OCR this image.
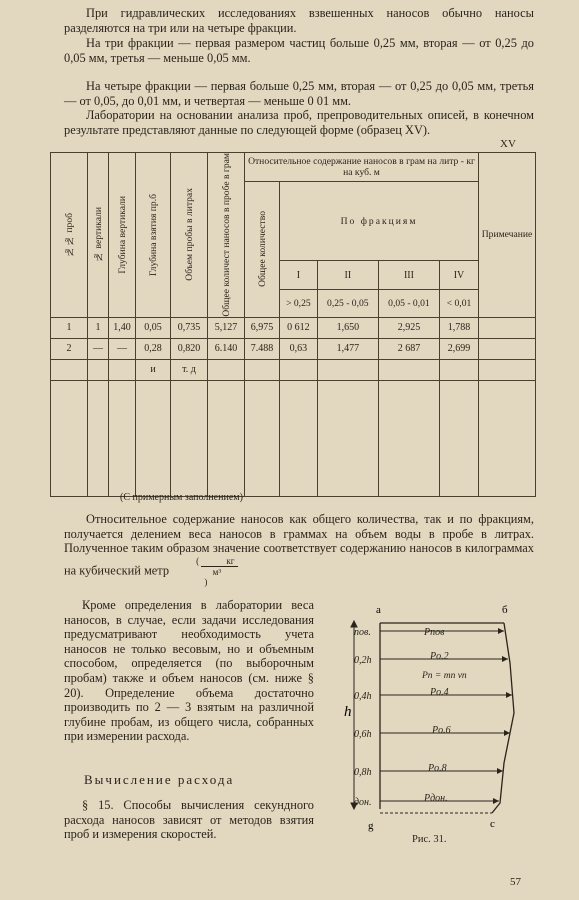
При гидравлических исследованиях взвешенных наносов обычно наносы разделяются на три или на четыре фракции.

На три фракции — первая размером частиц больше 0,25 мм, вторая — от 0,25 до 0,05 мм, третья — меньше 0,05 мм.

На четыре фракции — первая больше 0,25 мм, вторая — от 0,25 до 0,05 мм, третья — от 0,05, до 0,01 мм, и четвертая — меньше 0 01 мм.

Лаборатории на основании анализа проб, препроводительных описей, в конечном результате представляют данные по следующей форме (образец XV).

XV
№№ проб	№ вертикали	Глубина вертикали	Глубина взятия пр.б	Объем пробы в литрах	Общее количест наносов в пробе в грам	Относительное содержание наносов в грам на литр - кг на куб. м					Примечание

						Общее количество	По фракциям				
							I	II	III	IV	
							> 0,25	0,25 - 0,05	0,05 - 0,01	< 0,01	
1	1	1,40	0,05	0,735	5,127	6,975	0 612	1,650	2,925	1,788	
2	—	—	0,28	0,820	6.140	7.488	0,63	1,477	2 687	2,699	
			и	т. д							

(С примерным заполнением)

Относительное содержание наносов как общего количества, так и по фракциям, получается делением веса наносов в граммах на объем воды в пробе в литрах. Полученное таким образом значение соответствует содержанию наносов в килограммах на кубический метр (	кг
м³
)

Кроме определения в лаборатории веса наносов, в случае, если задачи исследования предусматривают необходимость учета наносов не только весовым, но и объемным способом, определяется (по выборочным пробам) также и объем наносов (см. ниже § 20). Определение объема достаточно производить по 2 — 3 взятым на различной глубине пробам, из общего числа, собранных при измерении расхода.

Вычисление расхода

§ 15. Способы вычисления секундного расхода наносов зависят от методов взятия проб и измерения скоростей.

h
a	б
g	c
пов.	Pпов
0,2h	Pо.2
Pn = mn vn
0,4h	Pо.4
0,6h	Pо.6
0,8h	Pо.8
дон.	Pдон.
Рис. 31.
57
